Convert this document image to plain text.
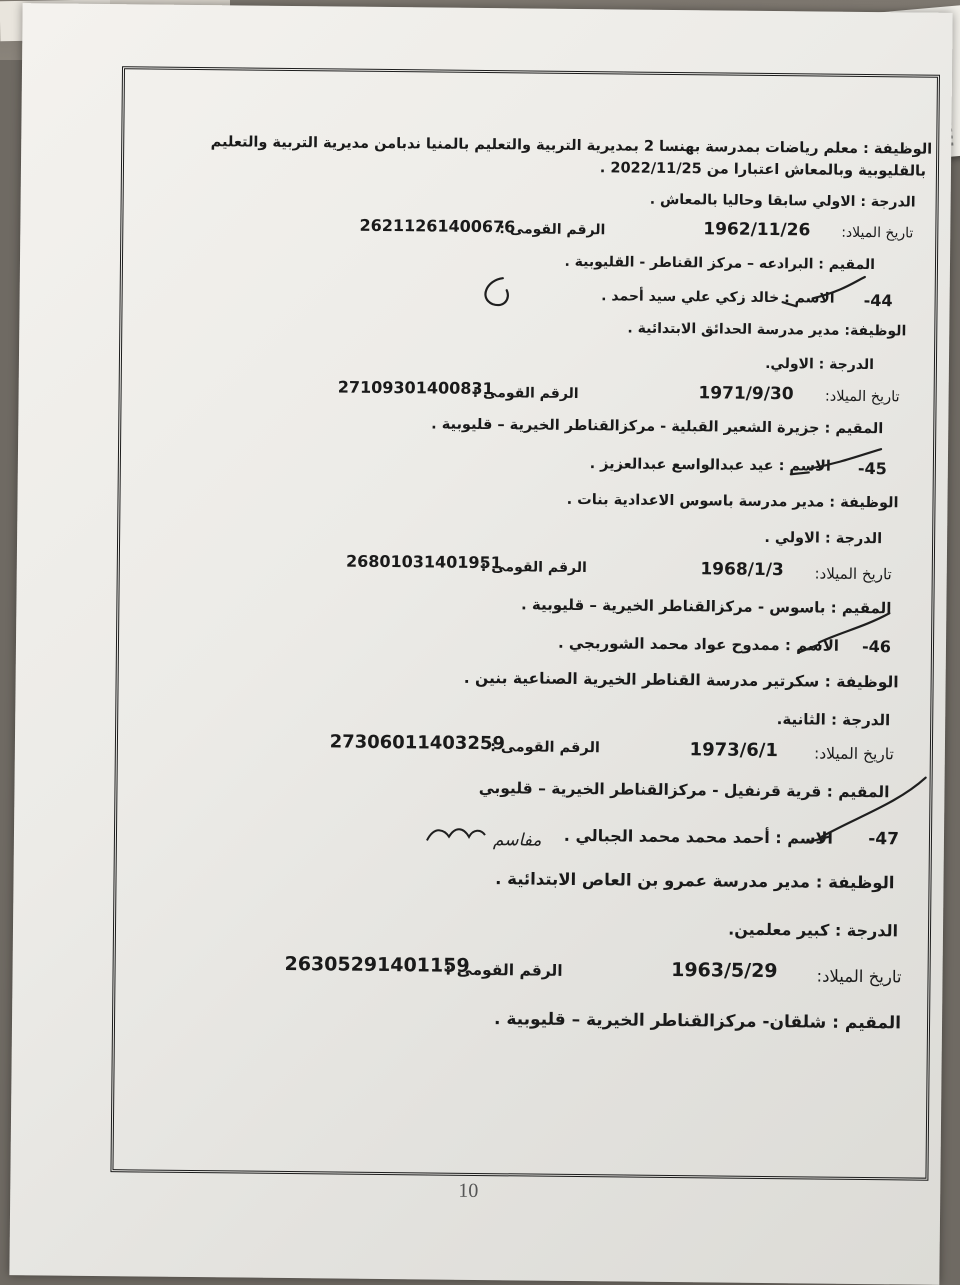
الوظيفة : معلم رياضات بمدرسة بهنسا 2 بمديرية التربية والتعليم بالمنيا ندبامن مديرية التربية والتعليم
بالقليوبية وبالمعاش اعتبارا من 2022/11/25 .
الدرجة : الاولي سابقا وحاليا بالمعاش .
تاريخ الميلاد:
1962/11/26
الرقم القومى :
26211261400676
المقيم : البرادعه – مركز القناطر - القليوبية .
44-
الاسم : خالد زكي علي سيد أحمد .
الوظيفة: مدير مدرسة الحدائق الابتدائية .
الدرجة : الاولي.
تاريخ الميلاد:
1971/9/30
الرقم القومى :
27109301400831
المقيم : جزيرة الشعير القبلية - مركزالقناطر الخيرية – قليوبية .
45-
الاسم : عيد عبدالواسع عبدالعزيز .
الوظيفة : مدير مدرسة باسوس الاعدادية بنات .
الدرجة : الاولي .
تاريخ الميلاد:
1968/1/3
الرقم القومى :
26801031401951
المقيم : باسوس - مركزالقناطر الخيرية – قليوبية .
46-
الاسم : ممدوح عواد محمد الشوربجي .
الوظيفة : سكرتير مدرسة القناطر الخيرية الصناعية بنين .
الدرجة : الثانية.
تاريخ الميلاد:
1973/6/1
الرقم القومى :
27306011403259
المقيم : قرية قرنفيل - مركزالقناطر الخيرية – قليوبي
47-
الاسم : أحمد محمد محمد الجبالي .
الوظيفة : مدير مدرسة عمرو بن العاص الابتدائية .
الدرجة : كبير معلمين.
تاريخ الميلاد:
1963/5/29
الرقم القومى :
26305291401159
المقيم : شلقان- مركزالقناطر الخيرية – قليوبية .
مفاسم
10
